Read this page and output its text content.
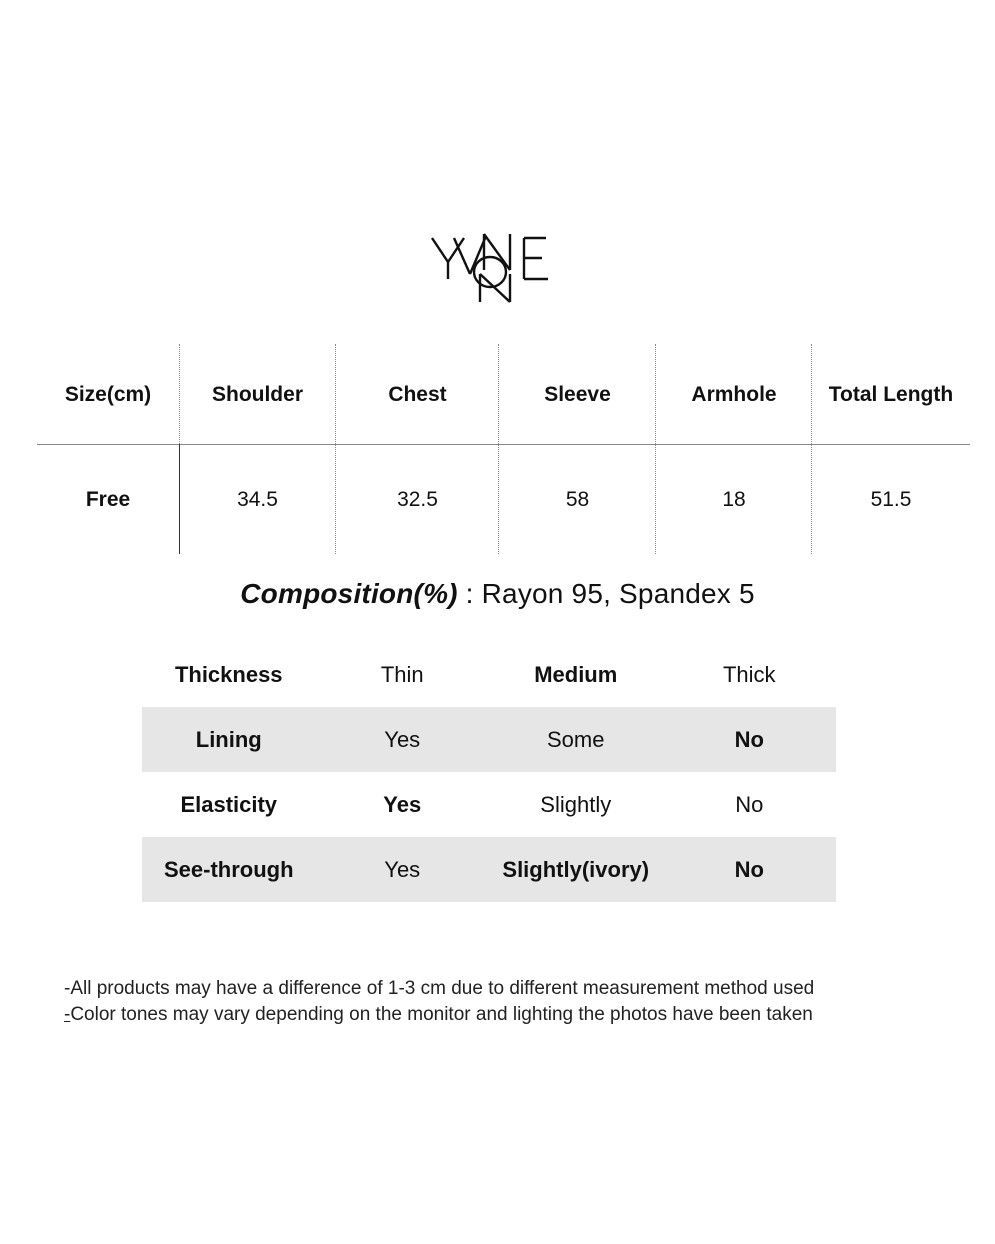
Size(cm)	Shoulder	Chest	Sleeve	Armhole	Total Length
Free	34.5	32.5	58	18	51.5
Composition(%) : Rayon 95, Spandex 5
Thickness	Thin	Medium	Thick
Lining	Yes	Some	No
Elasticity	Yes	Slightly	No
See-through	Yes	Slightly (ivory)	No
-All products may have a difference of 1-3 cm due to different measurement method used
-Color tones may vary depending on the monitor and lighting the photos have been taken
